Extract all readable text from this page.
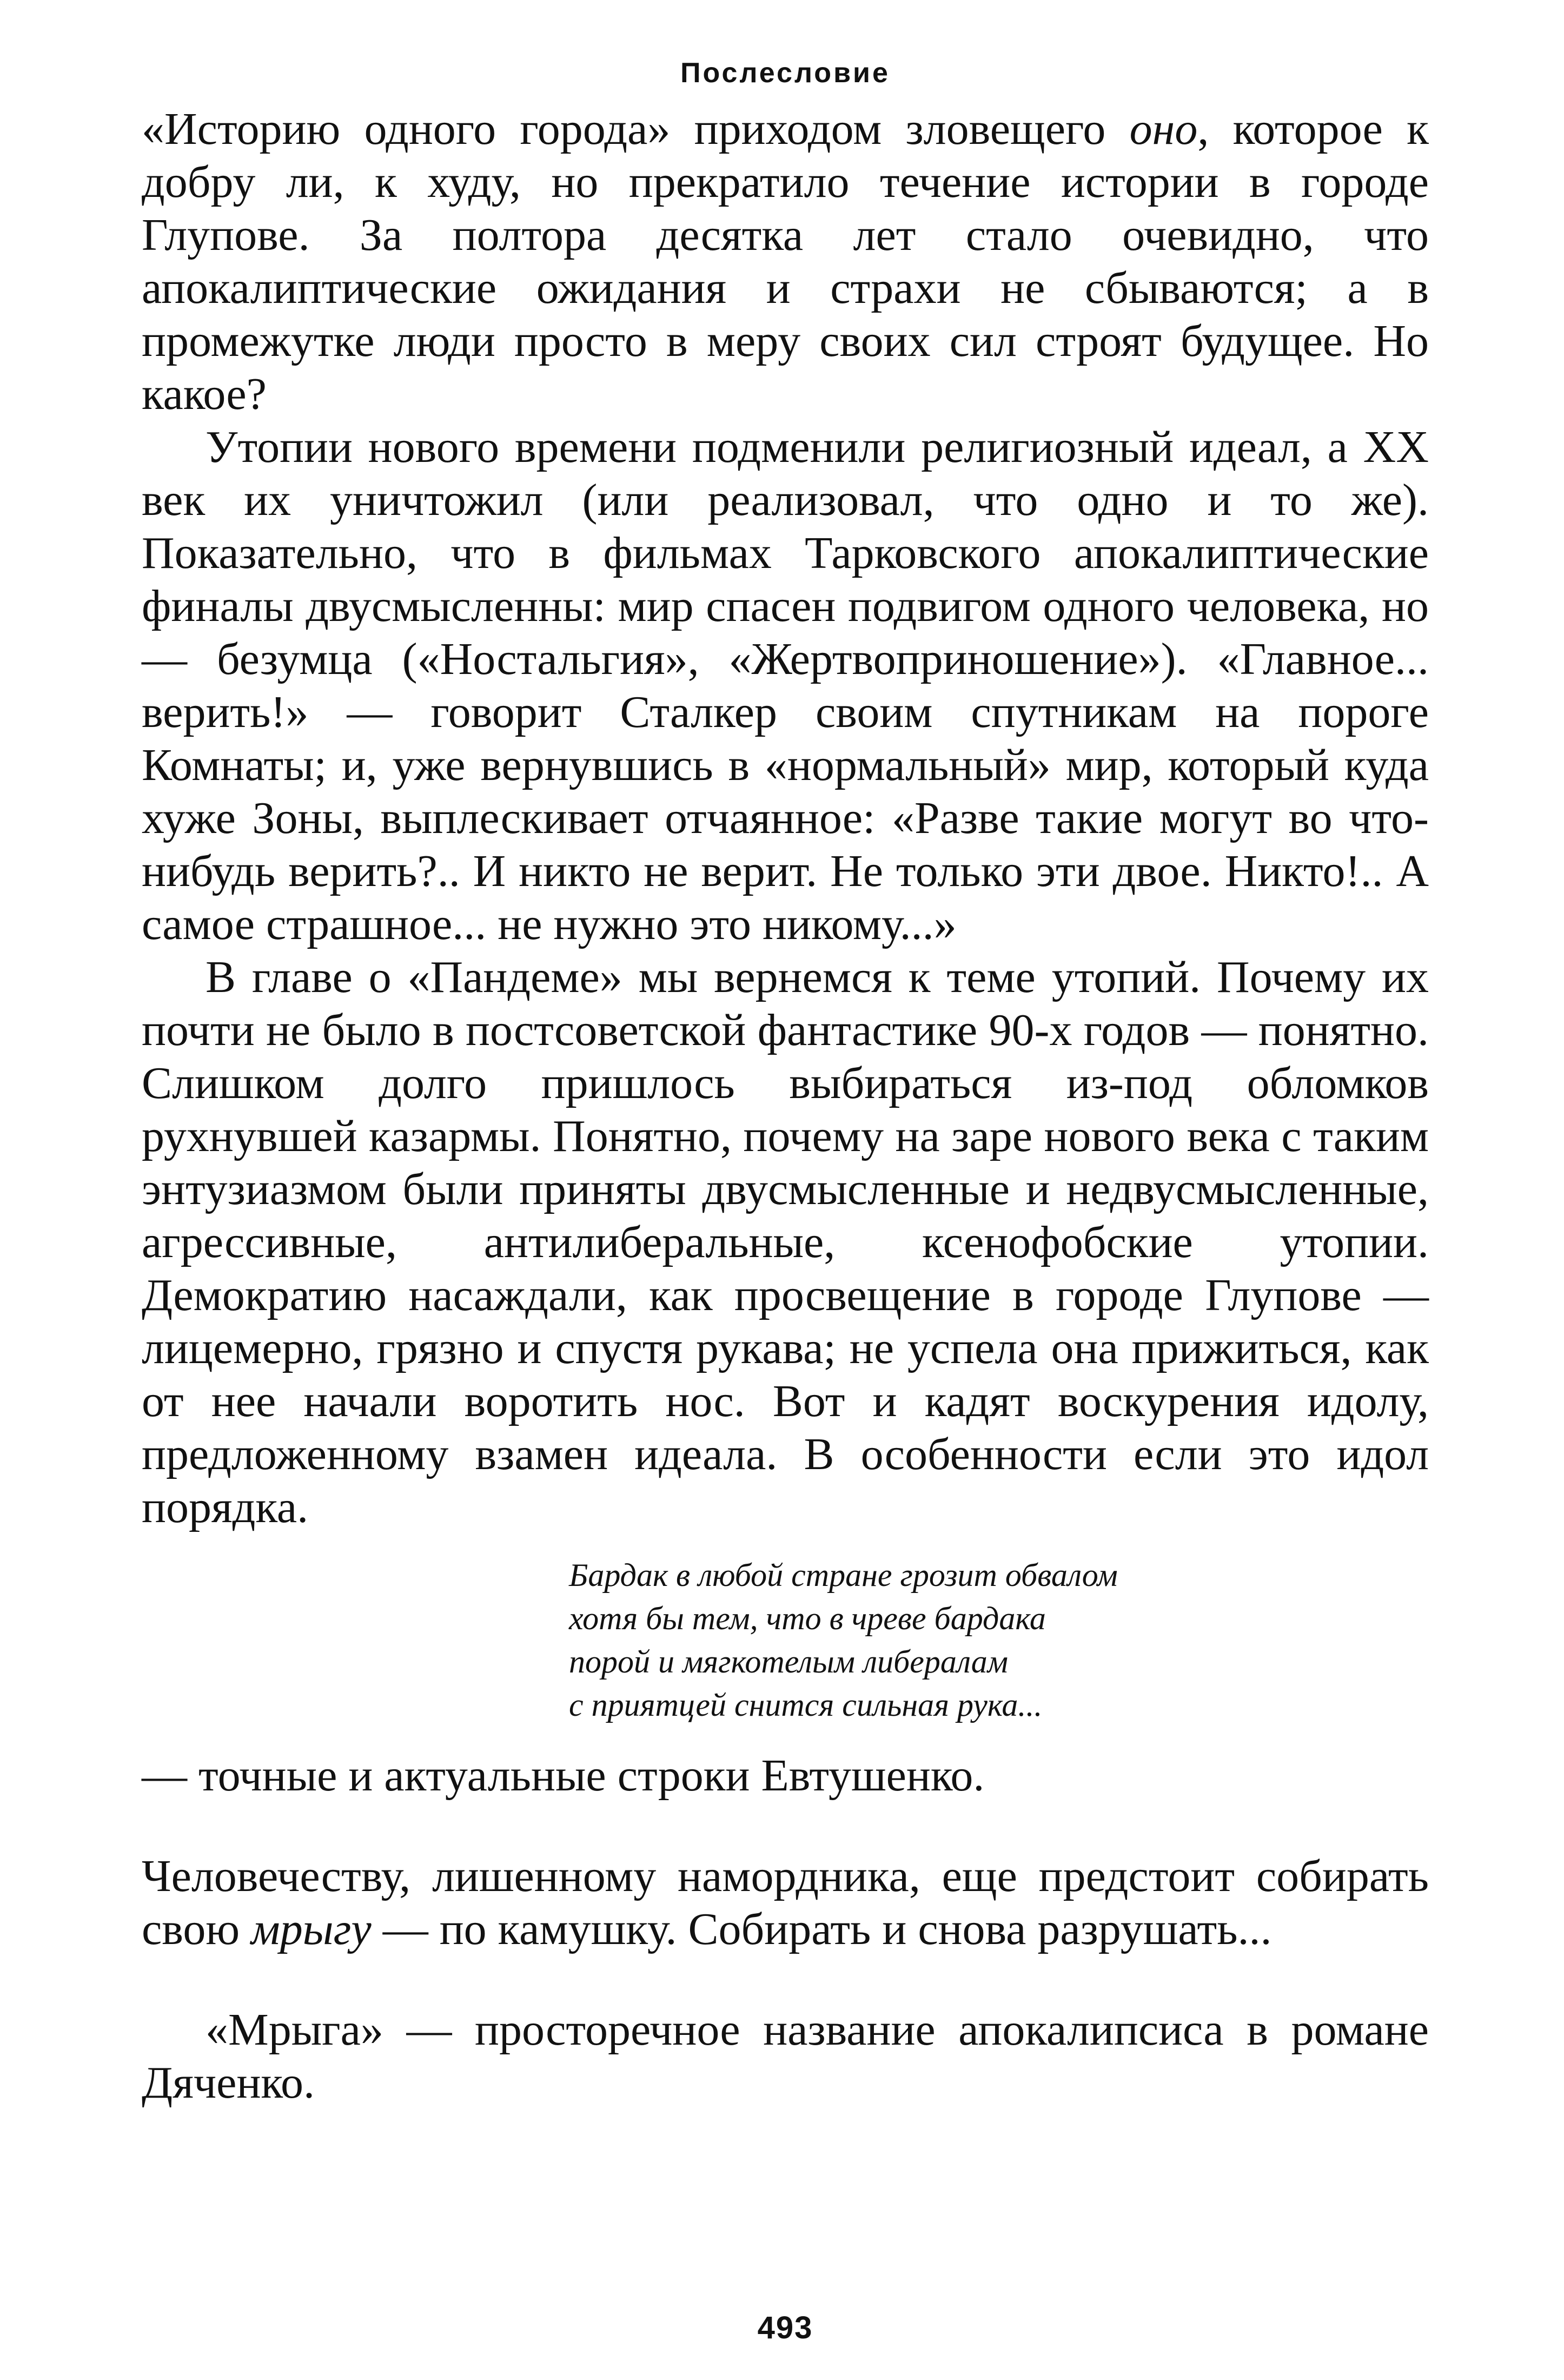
Послесловие

«Историю одного города» приходом зловещего оно, которое к добру ли, к худу, но прекратило течение истории в городе Глупове. За полтора десятка лет стало очевидно, что апокалиптические ожидания и страхи не сбываются; а в промежутке люди просто в меру своих сил строят будущее. Но какое?

Утопии нового времени подменили религиозный идеал, а XX век их уничтожил (или реализовал, что одно и то же). Показательно, что в фильмах Тарковского апокалиптические финалы двусмысленны: мир спасен подвигом одного человека, но — безумца («Ностальгия», «Жертвоприношение»). «Главное... верить!» — говорит Сталкер своим спутникам на пороге Комнаты; и, уже вернувшись в «нормальный» мир, который куда хуже Зоны, выплескивает отчаянное: «Разве такие могут во что-нибудь верить?.. И никто не верит. Не только эти двое. Никто!.. А самое страшное... не нужно это никому...»

В главе о «Пандеме» мы вернемся к теме утопий. Почему их почти не было в постсоветской фантастике 90-х годов — понятно. Слишком долго пришлось выбираться из-под обломков рухнувшей казармы. Понятно, почему на заре нового века с таким энтузиазмом были приняты двусмысленные и недвусмысленные, агрессивные, антилиберальные, ксенофобские утопии. Демократию насаждали, как просвещение в городе Глупове — лицемерно, грязно и спустя рукава; не успела она прижиться, как от нее начали воротить нос. Вот и кадят воскурения идолу, предложенному взамен идеала. В особенности если это идол порядка.

Бардак в любой стране грозит обвалом
хотя бы тем, что в чреве бардака
порой и мягкотелым либералам
с приятцей снится сильная рука...

— точные и актуальные строки Евтушенко.

Человечеству, лишенному намордника, еще предстоит собирать свою мрыгу — по камушку. Собирать и снова разрушать...

«Мрыга» — просторечное название апокалипсиса в романе Дяченко.

493
